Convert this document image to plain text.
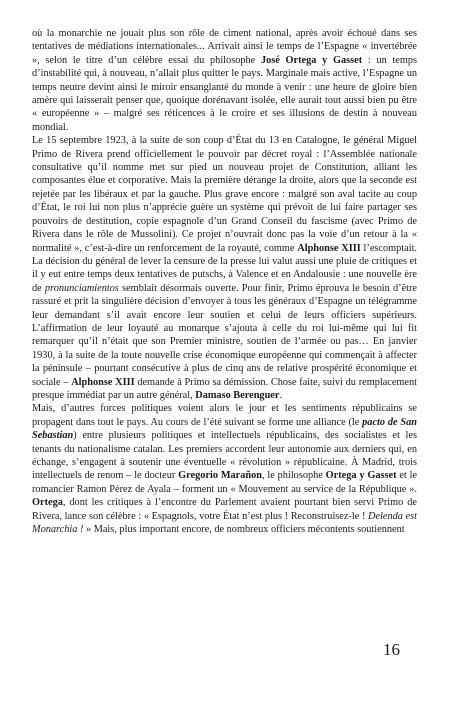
où la monarchie ne jouait plus son rôle de ciment national, après avoir échoué dans ses tentatives de médiations internationales... Arrivait ainsi le temps de l’Espagne « invertébrée », selon le titre d’un célèbre essai du philosophe José Ortega y Gasset : un temps d’instabilité qui, à nouveau, n’allait plus quitter le pays. Marginale mais active, l’Espagne un temps neutre devint ainsi le miroir ensanglanté du monde à venir : une heure de gloire bien amère qui laisserait penser que, quoique dorénavant isolée, elle aurait tout aussi bien pu être « européenne » – malgré ses réticences à le croire et ses illusions de destin à nouveau mondial.

Le 15 septembre 1923, à la suite de son coup d’État du 13 en Catalogne, le général Miguel Primo de Rivera prend officiellement le pouvoir par décret royal : l’Assemblée nationale consultative qu’il nomme met sur pied un nouveau projet de Constitution, alliant les composantes élue et corporative. Mais la première dérange la droite, alors que la seconde est rejetée par les libéraux et par la gauche. Plus grave encore : malgré son aval tacite au coup d’État, le roi lui non plus n’apprécie guère un système qui prévoit de lui faire partager ses pouvoirs de destitution, copie espagnole d’un Grand Conseil du fascisme (avec Primo de Rivera dans le rôle de Mussolini). Ce projet n’ouvrait donc pas la voie d’un retour à la « normalité », c’est-à-dire un renforcement de la royauté, comme Alphonse XIII l’escomptait. La décision du général de lever la censure de la presse lui valut aussi une pluie de critiques et il y eut entre temps deux tentatives de putschs, à Valence et en Andalousie : une nouvelle ère de pronunciamientos semblait désormais ouverte. Pour finir, Primo éprouva le besoin d’être rassuré et prit la singulière décision d’envoyer à tous les généraux d’Espagne un télégramme leur demandant s’il avait encore leur soutien et celui de leurs officiers supérieurs. L’affirmation de leur loyauté au monarque s’ajouta à celle du roi lui-même qui lui fit remarquer qu’il n’était que son Premier ministre, soutien de l’armée ou pas… En janvier 1930, à la suite de la toute nouvelle crise économique européenne qui commençait à affecter la péninsule – pourtant consécutive à plus de cinq ans de relative prospérité économique et sociale – Alphonse XIII demande à Primo sa démission. Chose faite, suivi du remplacement presque immédiat par un autre général, Damaso Berenguer.

Mais, d’autres forces politiques voient alors le jour et les sentiments républicains se propagent dans tout le pays. Au cours de l’été suivant se forme une alliance (le pacto de San Sebastian) entre plusieurs politiques et intellectuels républicains, des socialistes et les tenants du nationalisme catalan. Les premiers accordent leur autonomie aux derniers qui, en échange, s’engagent à soutenir une éventuelle « révolution » républicaine. À Madrid, trois intellectuels de renom – le docteur Gregorio Marañon, le philosophe Ortega y Gasset et le romancier Ramon Pérez de Ayala – forment un « Mouvement au service de la République ». Ortega, dont les critiques à l’encontre du Parlement avaient pourtant bien servi Primo de Rivera, lance son célèbre : « Espagnols, votre État n’est plus ! Reconstruisez-le ! Delenda est Monarchia ! » Mais, plus important encore, de nombreux officiers mécontents soutiennent

16
